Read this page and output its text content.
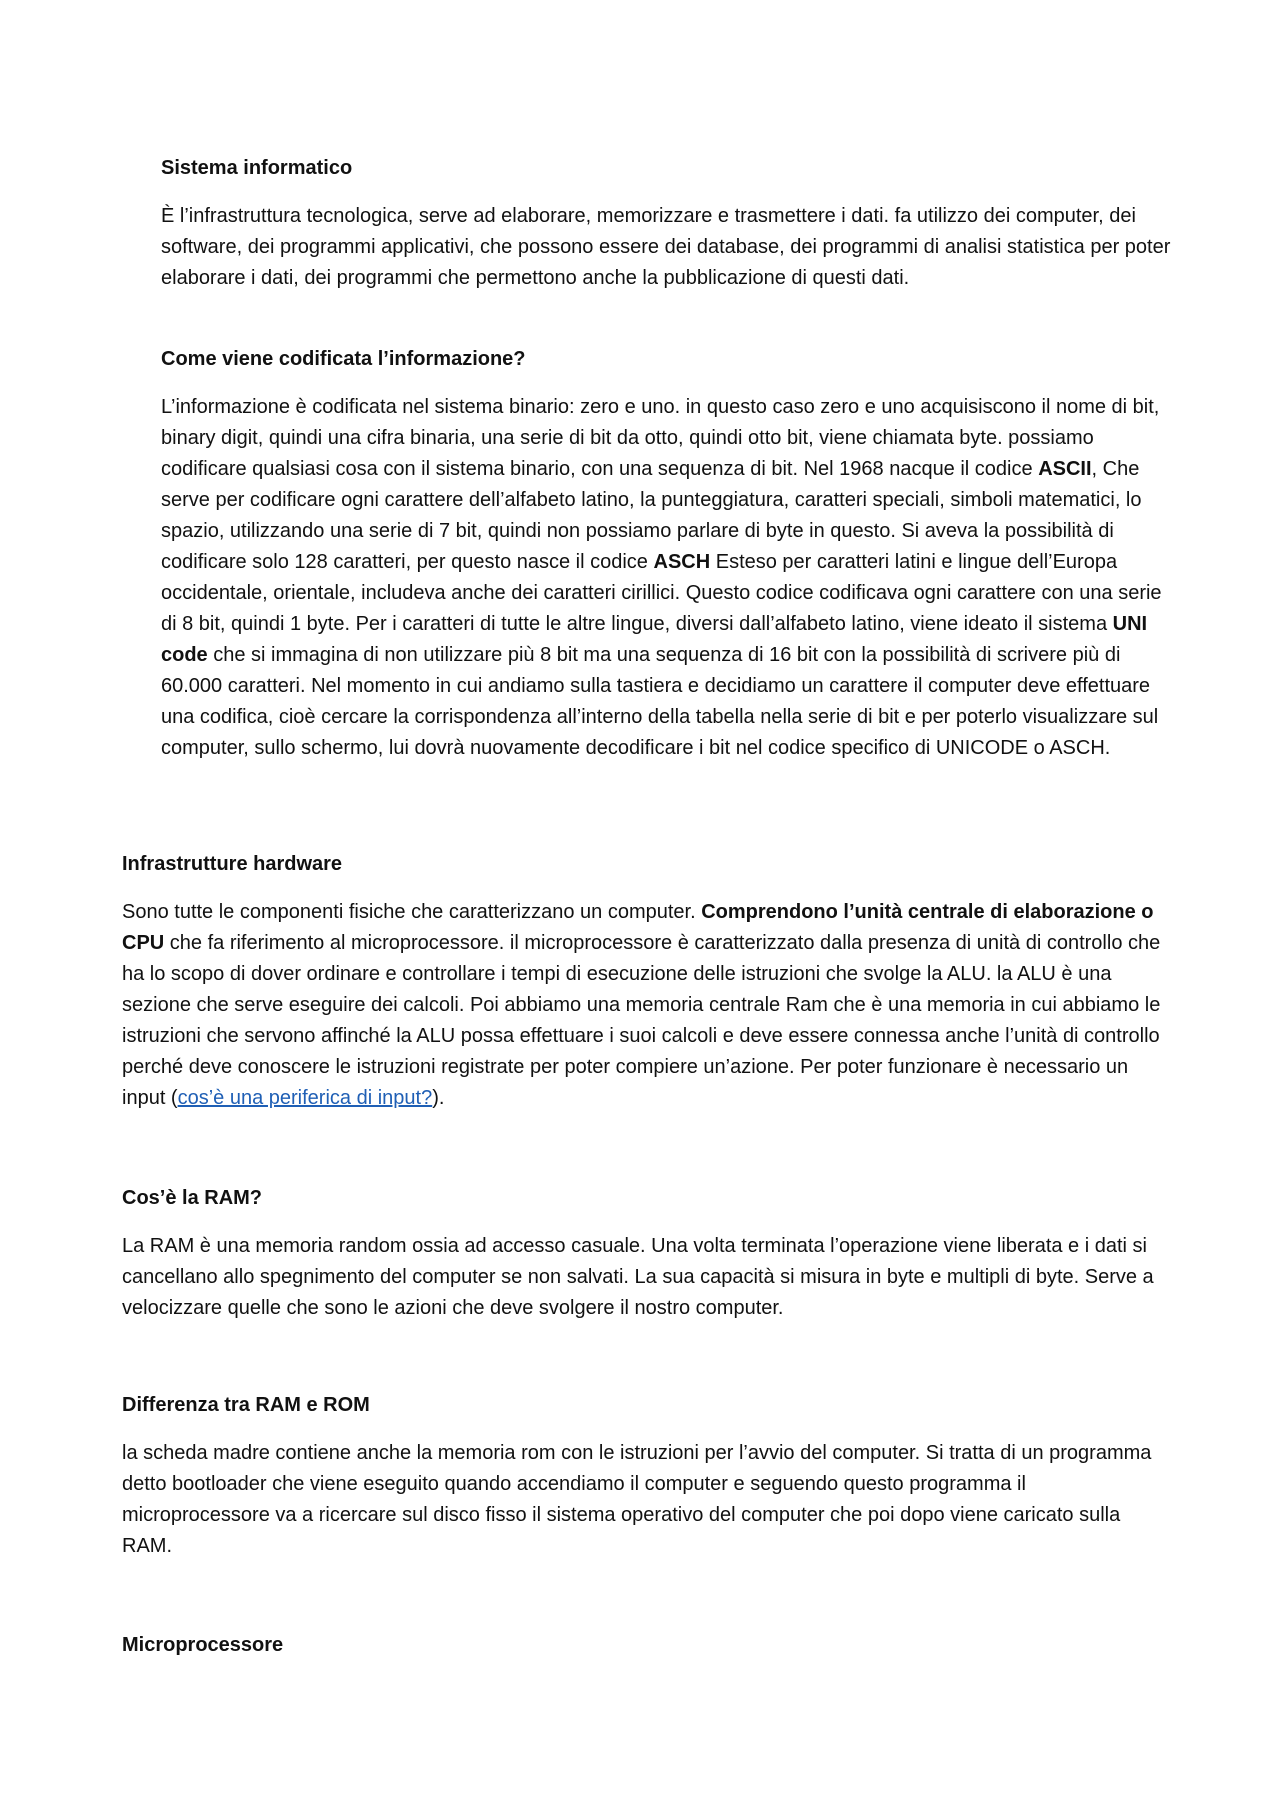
Sistema informatico

È l’infrastruttura tecnologica, serve ad elaborare, memorizzare e trasmettere i dati. fa utilizzo dei computer, dei software, dei programmi applicativi, che possono essere dei database, dei programmi di analisi statistica per poter elaborare i dati, dei programmi che permettono anche la pubblicazione di questi dati.

Come viene codificata l’informazione?

L’informazione è codificata nel sistema binario: zero e uno. in questo caso zero e uno acquisiscono il nome di bit, binary digit, quindi una cifra binaria, una serie di bit da otto, quindi otto bit, viene chiamata byte. possiamo codificare qualsiasi cosa con il sistema binario, con una sequenza di bit. Nel 1968 nacque il codice ASCII, Che serve per codificare ogni carattere dell’alfabeto latino, la punteggiatura, caratteri speciali, simboli matematici, lo spazio, utilizzando una serie di 7 bit, quindi non possiamo parlare di byte in questo. Si aveva la possibilità di codificare solo 128 caratteri, per questo nasce il codice ASCH Esteso per caratteri latini e lingue dell’Europa occidentale, orientale, includeva anche dei caratteri cirillici. Questo codice codificava ogni carattere con una serie di 8 bit, quindi 1 byte. Per i caratteri di tutte le altre lingue, diversi dall’alfabeto latino, viene ideato il sistema UNI code che si immagina di non utilizzare più 8 bit ma una sequenza di 16 bit con la possibilità di scrivere più di 60.000 caratteri. Nel momento in cui andiamo sulla tastiera e decidiamo un carattere il computer deve effettuare una codifica, cioè cercare la corrispondenza all’interno della tabella nella serie di bit e per poterlo visualizzare sul computer, sullo schermo, lui dovrà nuovamente decodificare i bit nel codice specifico di UNICODE o ASCH.

Infrastrutture hardware

Sono tutte le componenti fisiche che caratterizzano un computer. Comprendono l’unità centrale di elaborazione o CPU che fa riferimento al microprocessore. il microprocessore è caratterizzato dalla presenza di unità di controllo che ha lo scopo di dover ordinare e controllare i tempi di esecuzione delle istruzioni che svolge la ALU. la ALU è una sezione che serve eseguire dei calcoli. Poi abbiamo una memoria centrale Ram che è una memoria in cui abbiamo le istruzioni che servono affinché la ALU possa effettuare i suoi calcoli e deve essere connessa anche l’unità di controllo perché deve conoscere le istruzioni registrate per poter compiere un’azione. Per poter funzionare è necessario un input (cos’è una periferica di input?).

Cos’è la RAM?

La RAM è una memoria random ossia ad accesso casuale. Una volta terminata l’operazione viene liberata e i dati si cancellano allo spegnimento del computer se non salvati. La sua capacità si misura in byte e multipli di byte. Serve a velocizzare quelle che sono le azioni che deve svolgere il nostro computer.

Differenza tra RAM e ROM

la scheda madre contiene anche la memoria rom con le istruzioni per l’avvio del computer. Si tratta di un programma detto bootloader che viene eseguito quando accendiamo il computer e seguendo questo programma il microprocessore va a ricercare sul disco fisso il sistema operativo del computer che poi dopo viene caricato sulla RAM.

Microprocessore
